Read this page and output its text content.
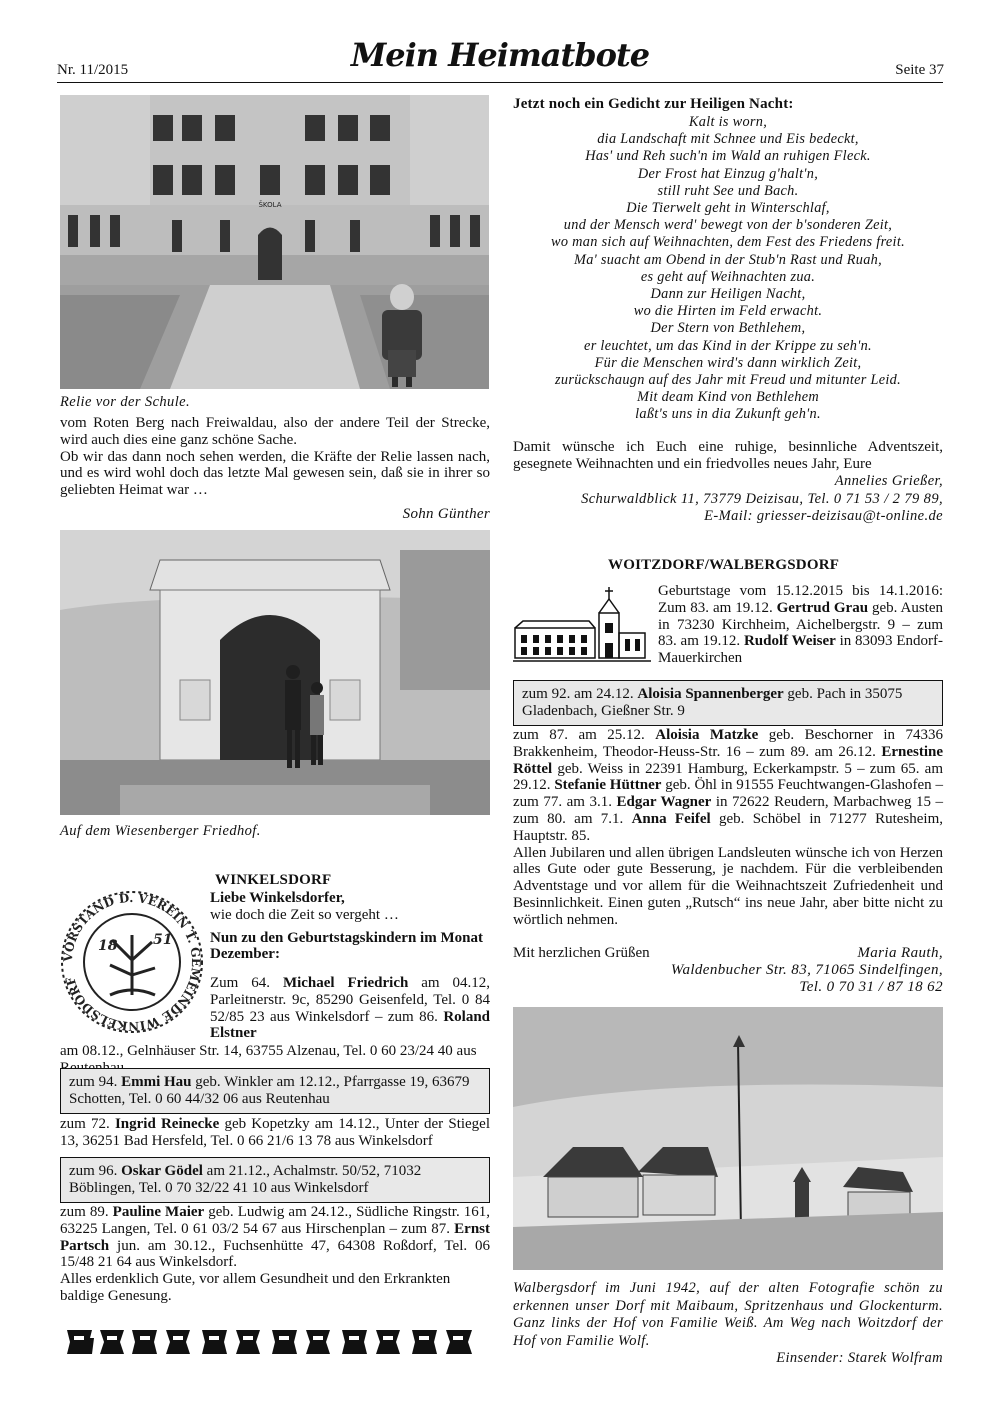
Nr. 11/2015	Mein Heimatbote	Seite 37
ŠKOLA
Relie vor der Schule.

vom Roten Berg nach Freiwaldau, also der andere Teil der Strecke, wird auch dies eine ganz schöne Sache.

Ob wir das dann noch sehen werden, die Kräfte der Relie lassen nach, und es wird wohl doch das letzte Mal gewesen sein, daß sie in ihrer so geliebten Heimat war …

Sohn Günther
Auf dem Wiesenberger Friedhof.
WINKELSDORF
VORSTAND D. VEREIN T. GEMEINDE WINKELSDORF
18	51

Liebe Winkelsdorfer,

wie doch die Zeit so vergeht …

Nun zu den Geburtstagskindern im Monat Dezember:

Zum 64. Michael Friedrich am 04.12, Parleitnerstr. 9c, 85290 Geisenfeld, Tel. 0 84 52/85 23 aus Winkelsdorf – zum 86. Roland Elstner
am 08.12., Gelnhäuser Str. 14, 63755 Alzenau, Tel. 0 60 23/24 40 aus
zum 94. Emmi Hau geb. Winkler am 12.12., Pfarrgasse 19, 63679 Schotten, Tel. 0 60 44/32 06 aus Reutenhau
zum 72. Ingrid Reinecke geb Kopetzky am 14.12., Unter der Stiegel 13, 36251 Bad Hersfeld, Tel. 0 66 21/6 13 78 aus Winkelsdorf
zum 96. Oskar Gödel am 21.12., Achalmstr. 50/52, 71032 Böblingen, Tel. 0 70 32/22 41 10 aus Winkelsdorf

zum 89. Pauline Maier geb. Ludwig am 24.12., Südliche Ringstr. 161, 63225 Langen, Tel. 0 61 03/2 54 67 aus Hirschenplan – zum 87. Ernst Partsch jun. am 30.12., Fuchsenhütte 47, 64308 Roßdorf, Tel. 06 15/48 21 64 aus Winkelsdorf.

Alles erdenklich Gute, vor allem Gesundheit und den Erkrankten baldige Genesung.

Jetzt noch ein Gedicht zur Heiligen Nacht:
Kalt is worn,
dia Landschaft mit Schnee und Eis bedeckt,
Has' und Reh such'n im Wald an ruhigen Fleck.
Der Frost hat Einzug g'halt'n,
still ruht See und Bach.
Die Tierwelt geht in Winterschlaf,
und der Mensch werd' bewegt von der b'sonderen Zeit,
wo man sich auf Weihnachten, dem Fest des Friedens freit.
Ma' suacht am Obend in der Stub'n Rast und Ruah,
es geht auf Weihnachten zua.
Dann zur Heiligen Nacht,
wo die Hirten im Feld erwacht.
Der Stern von Bethlehem,
er leuchtet, um das Kind in der Krippe zu seh'n.
Für die Menschen wird's dann wirklich Zeit,
zurückschaugn auf des Jahr mit Freud und mitunter Leid.
Mit deam Kind von Bethlehem
laßt's uns in dia Zukunft geh'n.
Damit wünsche ich Euch eine ruhige, besinnliche Adventszeit, gesegnete Weihnachten und ein friedvolles neues Jahr, Eure
Annelies Grießer,
Schurwaldblick 11, 73779 Deizisau, Tel. 0 71 53 / 2 79 89,
E-Mail: griesser-deizisau@t-online.de
WOITZDORF/WALBERGSDORF
Geburtstage vom 15.12.2015 bis 14.1.2016: Zum 83. am 19.12. Gertrud Grau geb. Austen in 73230 Kirchheim, Aichelbergstr. 9 – zum 83. am 19.12. Rudolf Weiser in 83093 Endorf-Mauerkirchen
zum 92. am 24.12. Aloisia Spannenberger geb. Pach in 35075 Gladenbach, Gießner Str. 9

zum 87. am 25.12. Aloisia Matzke geb. Beschorner in 74336 Brakkenheim, Theodor-Heuss-Str. 16 – zum 89. am 26.12. Ernestine Röttel geb. Weiss in 22391 Hamburg, Eckerkampstr. 5 – zum 65. am 29.12. Stefanie Hüttner geb. Öhl in 91555 Feuchtwangen-Glashofen – zum 77. am 3.1. Edgar Wagner in 72622 Reudern, Marbachweg 15 – zum 80. am 7.1. Anna Feifel geb. Schöbel in 71277 Rutesheim, Hauptstr. 85.

Allen Jubilaren und allen übrigen Landsleuten wünsche ich von Herzen alles Gute oder gute Besserung, je nachdem. Für die verbleibenden Adventstage und vor allem für die Weihnachtszeit Zufriedenheit und Besinnlichkeit. Einen guten „Rutsch“ ins neue Jahr, aber bitte nicht zu wörtlich nehmen.

Mit herzlichen Grüßen	Maria Rauth,
Waldenbucher Str. 83, 71065 Sindelfingen,
Tel. 0 70 31 / 87 18 62
Walbergsdorf im Juni 1942, auf der alten Fotografie schön zu erkennen unser Dorf mit Maibaum, Spritzenhaus und Glockenturm. Ganz links der Hof von Familie Weiß. Am Weg nach Woitzdorf der Hof von Familie Wolf.
Einsender: Starek Wolfram
